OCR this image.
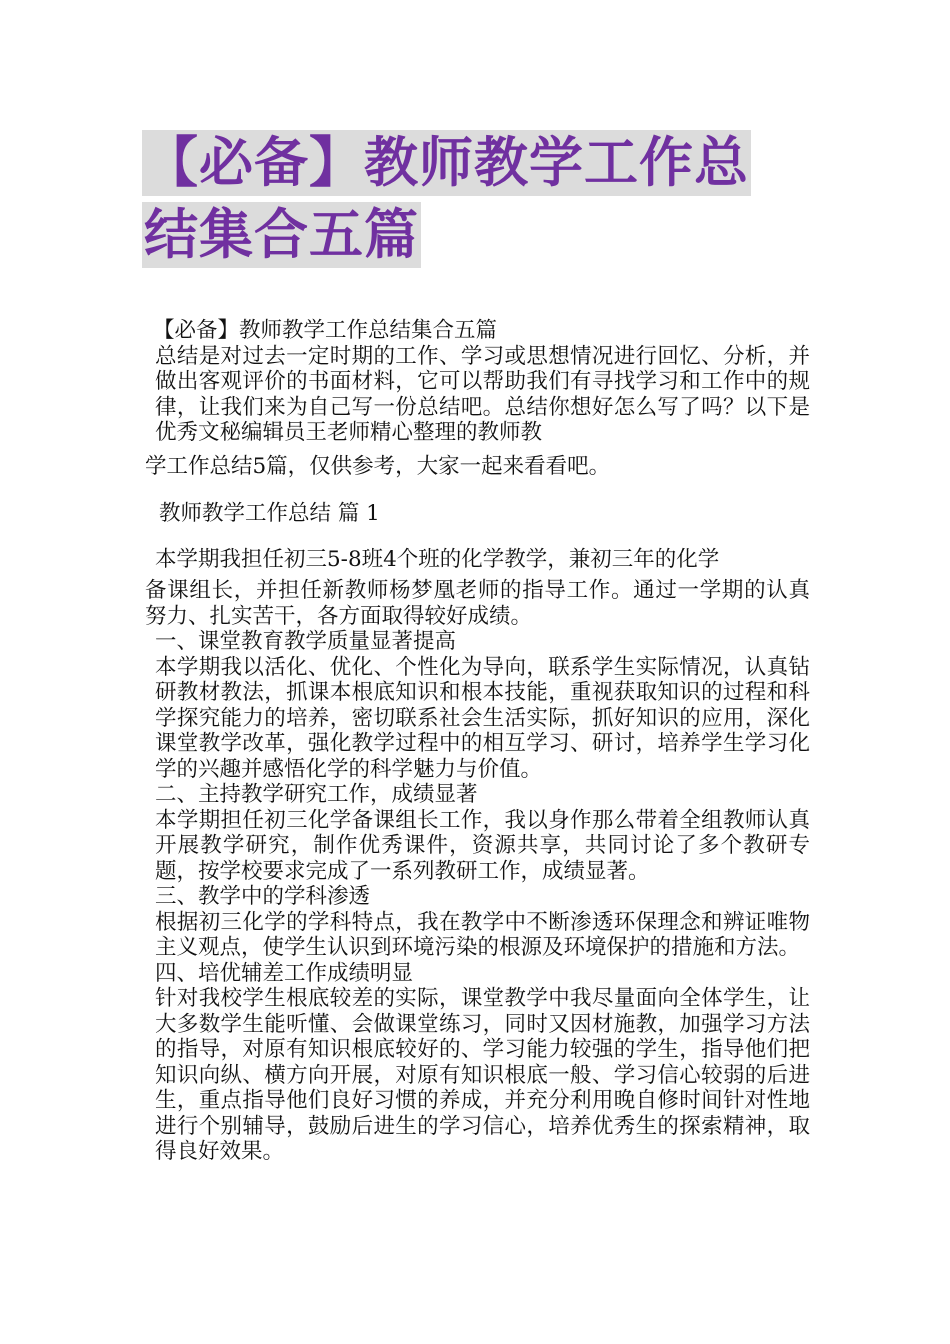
【必备】教师教学工作总
结集合五篇

【必备】教师教学工作总结集合五篇

总结是对过去一定时期的工作、学习或思想情况进行回忆、分析，并做出客观评价的书面材料，它可以帮助我们有寻找学习和工作中的规律，让我们来为自己写一份总结吧。总结你想好怎么写了吗？以下是优秀文秘编辑员王老师精心整理的教师教
学工作总结5篇，仅供参考，大家一起来看看吧。

教师教学工作总结 篇 1

本学期我担任初三5-8班4个班的化学教学，兼初三年的化学

备课组长，并担任新教师杨梦凰老师的指导工作。通过一学期的认真努力、扎实苦干，各方面取得较好成绩。

一、课堂教育教学质量显著提高

本学期我以活化、优化、个性化为导向，联系学生实际情况，认真钻研教材教法，抓课本根底知识和根本技能，重视获取知识的过程和科学探究能力的培养，密切联系社会生活实际，抓好知识的应用，深化课堂教学改革，强化教学过程中的相互学习、研讨，培养学生学习化学的兴趣并感悟化学的科学魅力与价值。

二、主持教学研究工作，成绩显著

本学期担任初三化学备课组长工作，我以身作那么带着全组教师认真开展教学研究，制作优秀课件，资源共享，共同讨论了多个教研专题，按学校要求完成了一系列教研工作，成绩显著。

三、教学中的学科渗透

根据初三化学的学科特点，我在教学中不断渗透环保理念和辨证唯物主义观点，使学生认识到环境污染的根源及环境保护的措施和方法。

四、培优辅差工作成绩明显

针对我校学生根底较差的实际，课堂教学中我尽量面向全体学生，让大多数学生能听懂、会做课堂练习，同时又因材施教，加强学习方法的指导，对原有知识根底较好的、学习能力较强的学生，指导他们把知识向纵、横方向开展，对原有知识根底一般、学习信心较弱的后进生，重点指导他们良好习惯的养成，并充分利用晚自修时间针对性地进行个别辅导，鼓励后进生的学习信心，培养优秀生的探索精神，取得良好效果。
